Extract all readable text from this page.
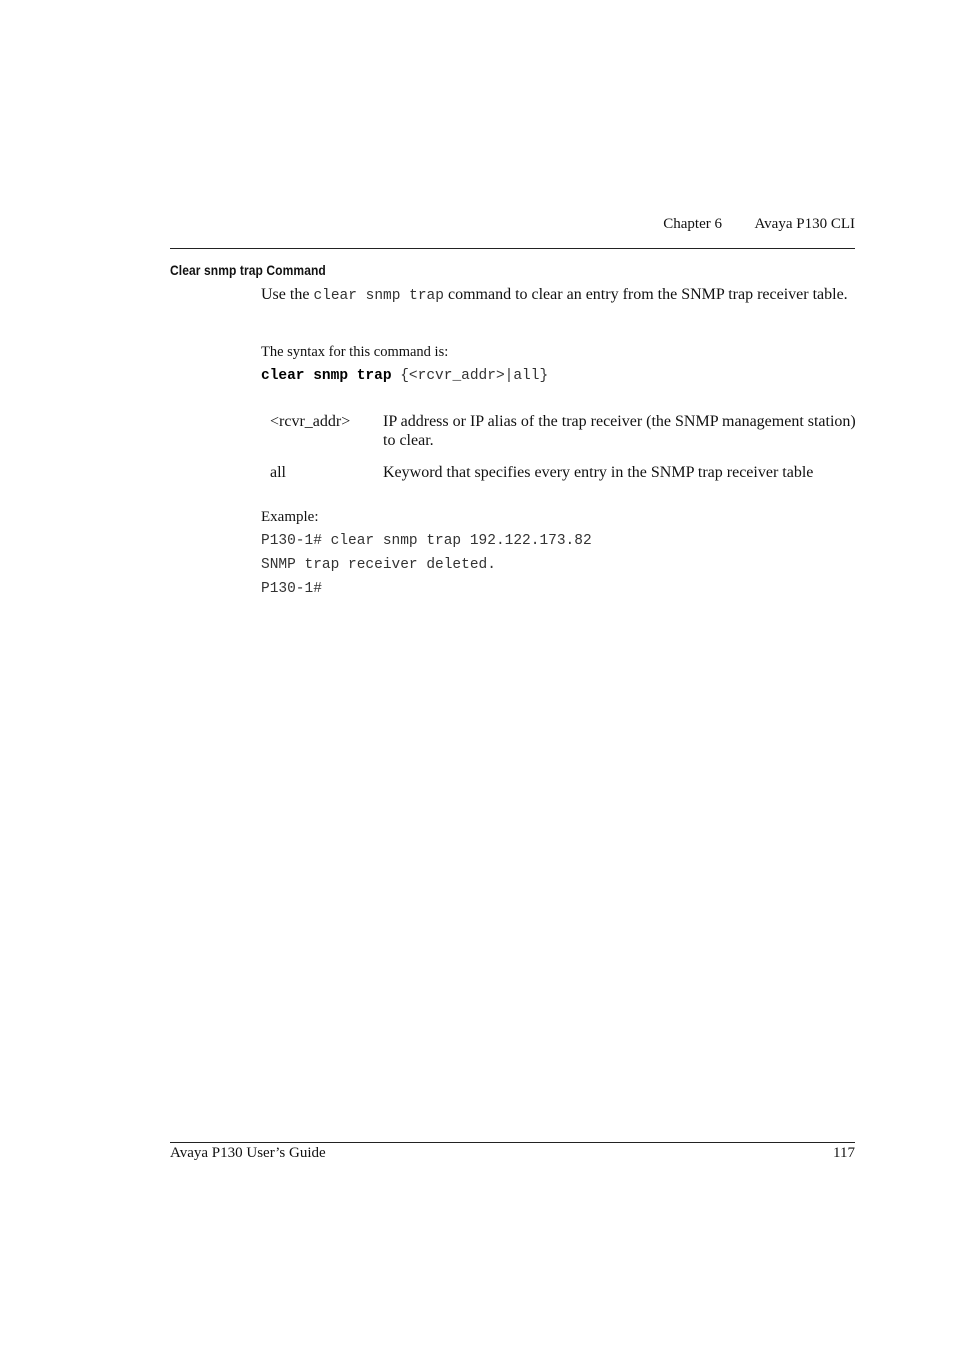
Chapter 6 Avaya P130 CLI
Clear snmp trap Command
Use the clear snmp trap command to clear an entry from the SNMP trap receiver table.
The syntax for this command is:
clear snmp trap {<rcvr_addr>|all}
<rcvr_addr>	IP address or IP alias of the trap receiver (the SNMP management station) to clear.
all	Keyword that specifies every entry in the SNMP trap receiver table
Example:
P130-1# clear snmp trap 192.122.173.82
SNMP trap receiver deleted.
P130-1#
Avaya P130 User’s Guide	117
